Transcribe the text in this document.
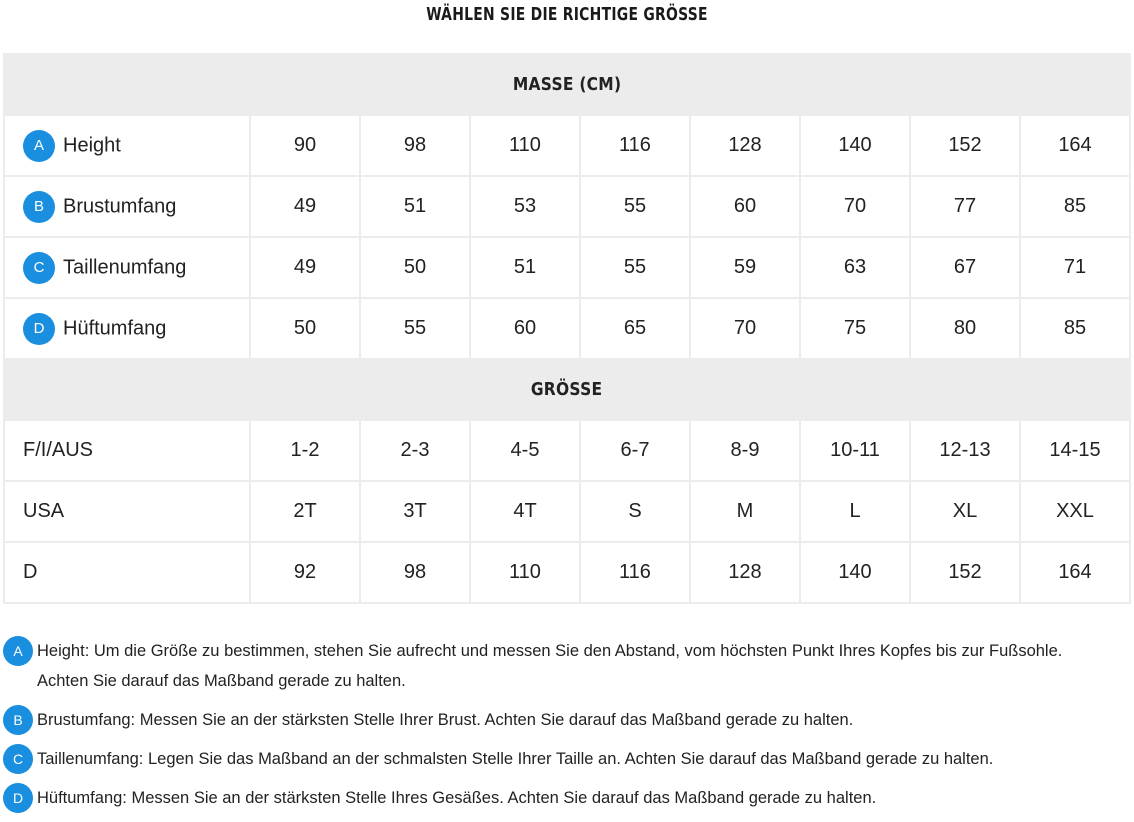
WÄHLEN SIE DIE RICHTIGE GRÖSSE
MASSE (CM)								
A Height	90	98	110	116	128	140	152	164
B Brustumfang	49	51	53	55	60	70	77	85
C Taillenumfang	49	50	51	55	59	63	67	71
D Hüftumfang	50	55	60	65	70	75	80	85
GRÖSSE								
F/I/AUS	1-2	2-3	4-5	6-7	8-9	10-11	12-13	14-15
USA	2T	3T	4T	S	M	L	XL	XXL
D	92	98	110	116	128	140	152	164
A Height: Um die Größe zu bestimmen, stehen Sie aufrecht und messen Sie den Abstand, vom höchsten Punkt Ihres Kopfes bis zur Fußsohle.
Achten Sie darauf das Maßband gerade zu halten.
B Brustumfang: Messen Sie an der stärksten Stelle Ihrer Brust. Achten Sie darauf das Maßband gerade zu halten.
C Taillenumfang: Legen Sie das Maßband an der schmalsten Stelle Ihrer Taille an. Achten Sie darauf das Maßband gerade zu halten.
D Hüftumfang: Messen Sie an der stärksten Stelle Ihres Gesäßes. Achten Sie darauf das Maßband gerade zu halten.
